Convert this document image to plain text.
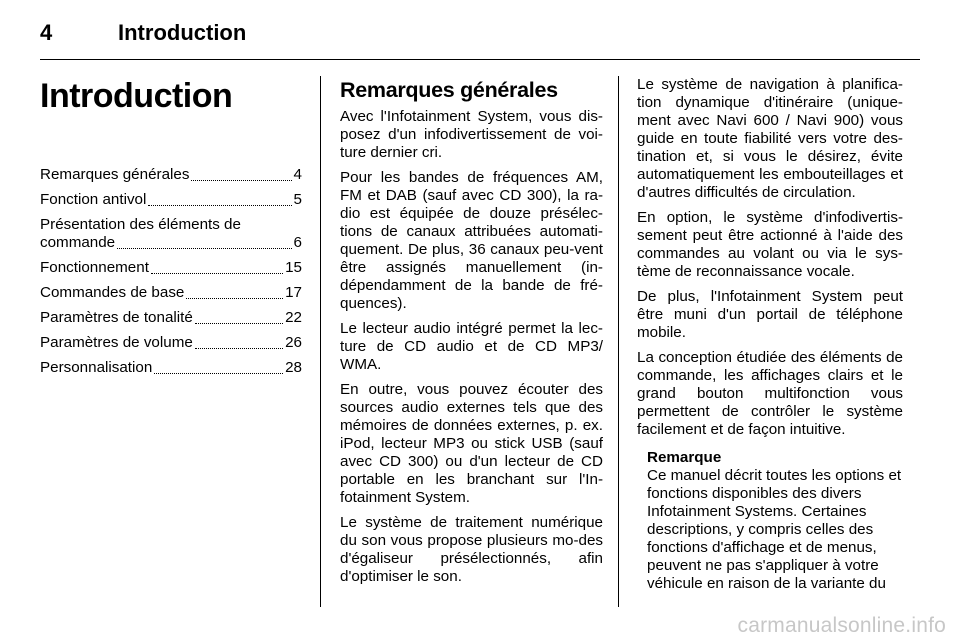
4	Introduction
Introduction
Remarques générales	4
Fonction antivol	5
Présentation des éléments de
commande	6
Fonctionnement	15
Commandes de base	17
Paramètres de tonalité	22
Paramètres de volume	26
Personnalisation	28
Remarques générales

Avec l'Infotainment System, vous dis-posez d'un infodivertissement de voi-ture dernier cri.

Pour les bandes de fréquences AM, FM et DAB (sauf avec CD 300), la ra-dio est équipée de douze présélec-tions de canaux attribuées automati-quement. De plus, 36 canaux peu-vent être assignés manuellement (in-dépendamment de la bande de fré-quences).

Le lecteur audio intégré permet la lec-ture de CD audio et de CD MP3/ WMA.

En outre, vous pouvez écouter des sources audio externes tels que des mémoires de données externes, p. ex. iPod, lecteur MP3 ou stick USB (sauf avec CD 300) ou d'un lecteur de CD portable en les branchant sur l'In-fotainment System.

Le système de traitement numérique du son vous propose plusieurs mo-des d'égaliseur présélectionnés, afin d'optimiser le son.

Le système de navigation à planifica-tion dynamique d'itinéraire (unique-ment avec Navi 600 / Navi 900) vous guide en toute fiabilité vers votre des-tination et, si vous le désirez, évite automatiquement les embouteillages et d'autres difficultés de circulation.

En option, le système d'infodivertis-sement peut être actionné à l'aide des commandes au volant ou via le sys-tème de reconnaissance vocale.

De plus, l'Infotainment System peut être muni d'un portail de téléphone mobile.

La conception étudiée des éléments de commande, les affichages clairs et le grand bouton multifonction vous permettent de contrôler le système facilement et de façon intuitive.

Remarque
Ce manuel décrit toutes les options et fonctions disponibles des divers Infotainment Systems. Certaines descriptions, y compris celles des fonctions d'affichage et de menus, peuvent ne pas s'appliquer à votre véhicule en raison de la variante du
carmanualsonline.info
